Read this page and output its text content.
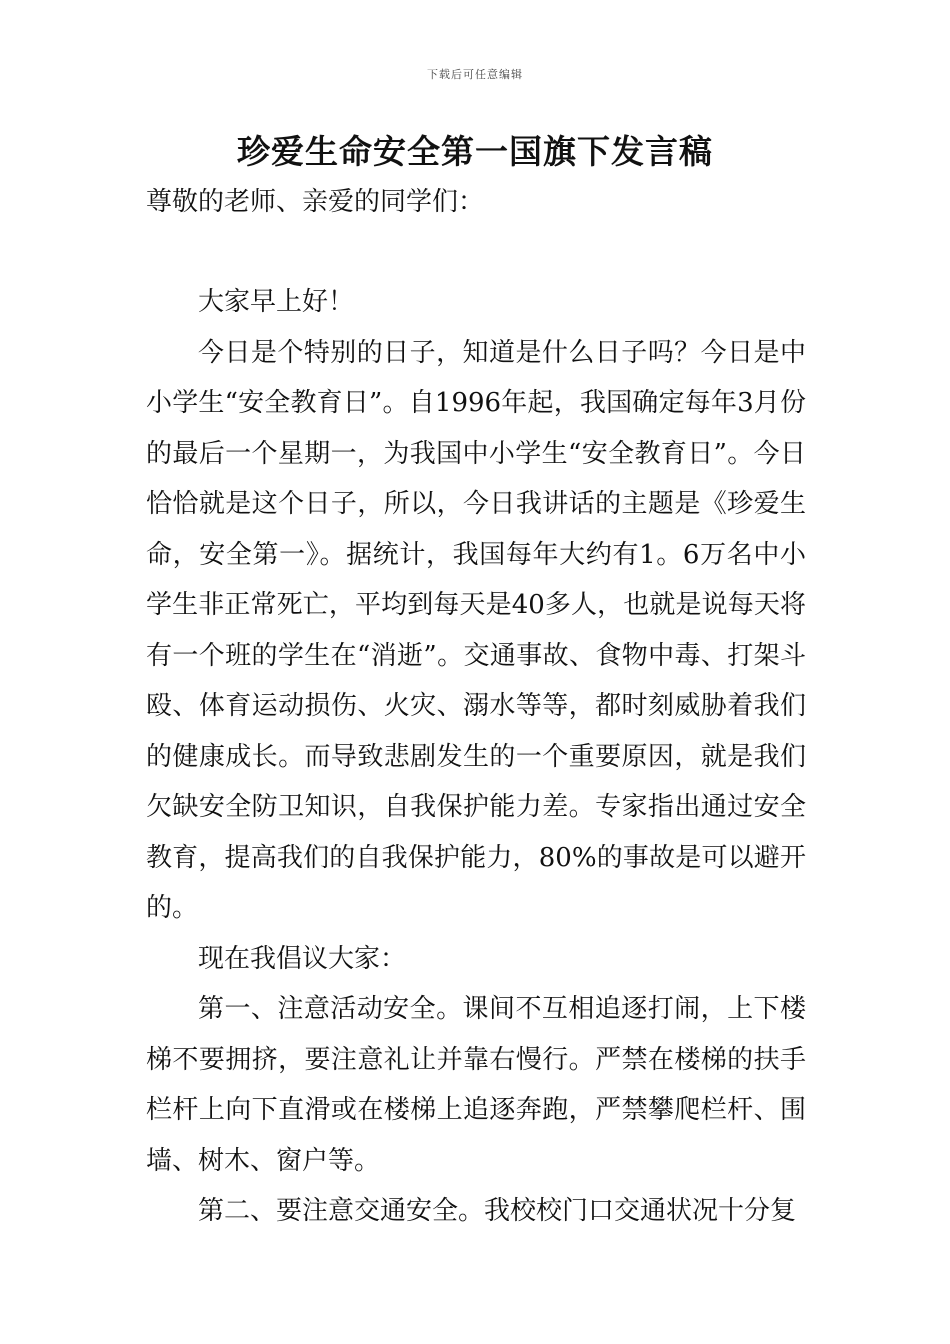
下载后可任意编辑
珍爱生命安全第一国旗下发言稿
尊敬的老师、亲爱的同学们：

大家早上好！

今日是个特别的日子，知道是什么日子吗？今日是中小学生“安全教育日”。自1996年起，我国确定每年3月份的最后一个星期一，为我国中小学生“安全教育日”。今日恰恰就是这个日子，所以，今日我讲话的主题是《珍爱生命，安全第一》。据统计，我国每年大约有1。6万名中小学生非正常死亡，平均到每天是40多人，也就是说每天将有一个班的学生在“消逝”。交通事故、食物中毒、打架斗殴、体育运动损伤、火灾、溺水等等，都时刻威胁着我们的健康成长。而导致悲剧发生的一个重要原因，就是我们欠缺安全防卫知识，自我保护能力差。专家指出通过安全教育，提高我们的自我保护能力，80%的事故是可以避开的。

现在我倡议大家：

第一、注意活动安全。课间不互相追逐打闹，上下楼梯不要拥挤，要注意礼让并靠右慢行。严禁在楼梯的扶手栏杆上向下直滑或在楼梯上追逐奔跑，严禁攀爬栏杆、围墙、树木、窗户等。

第二、要注意交通安全。我校校门口交通状况十分复
